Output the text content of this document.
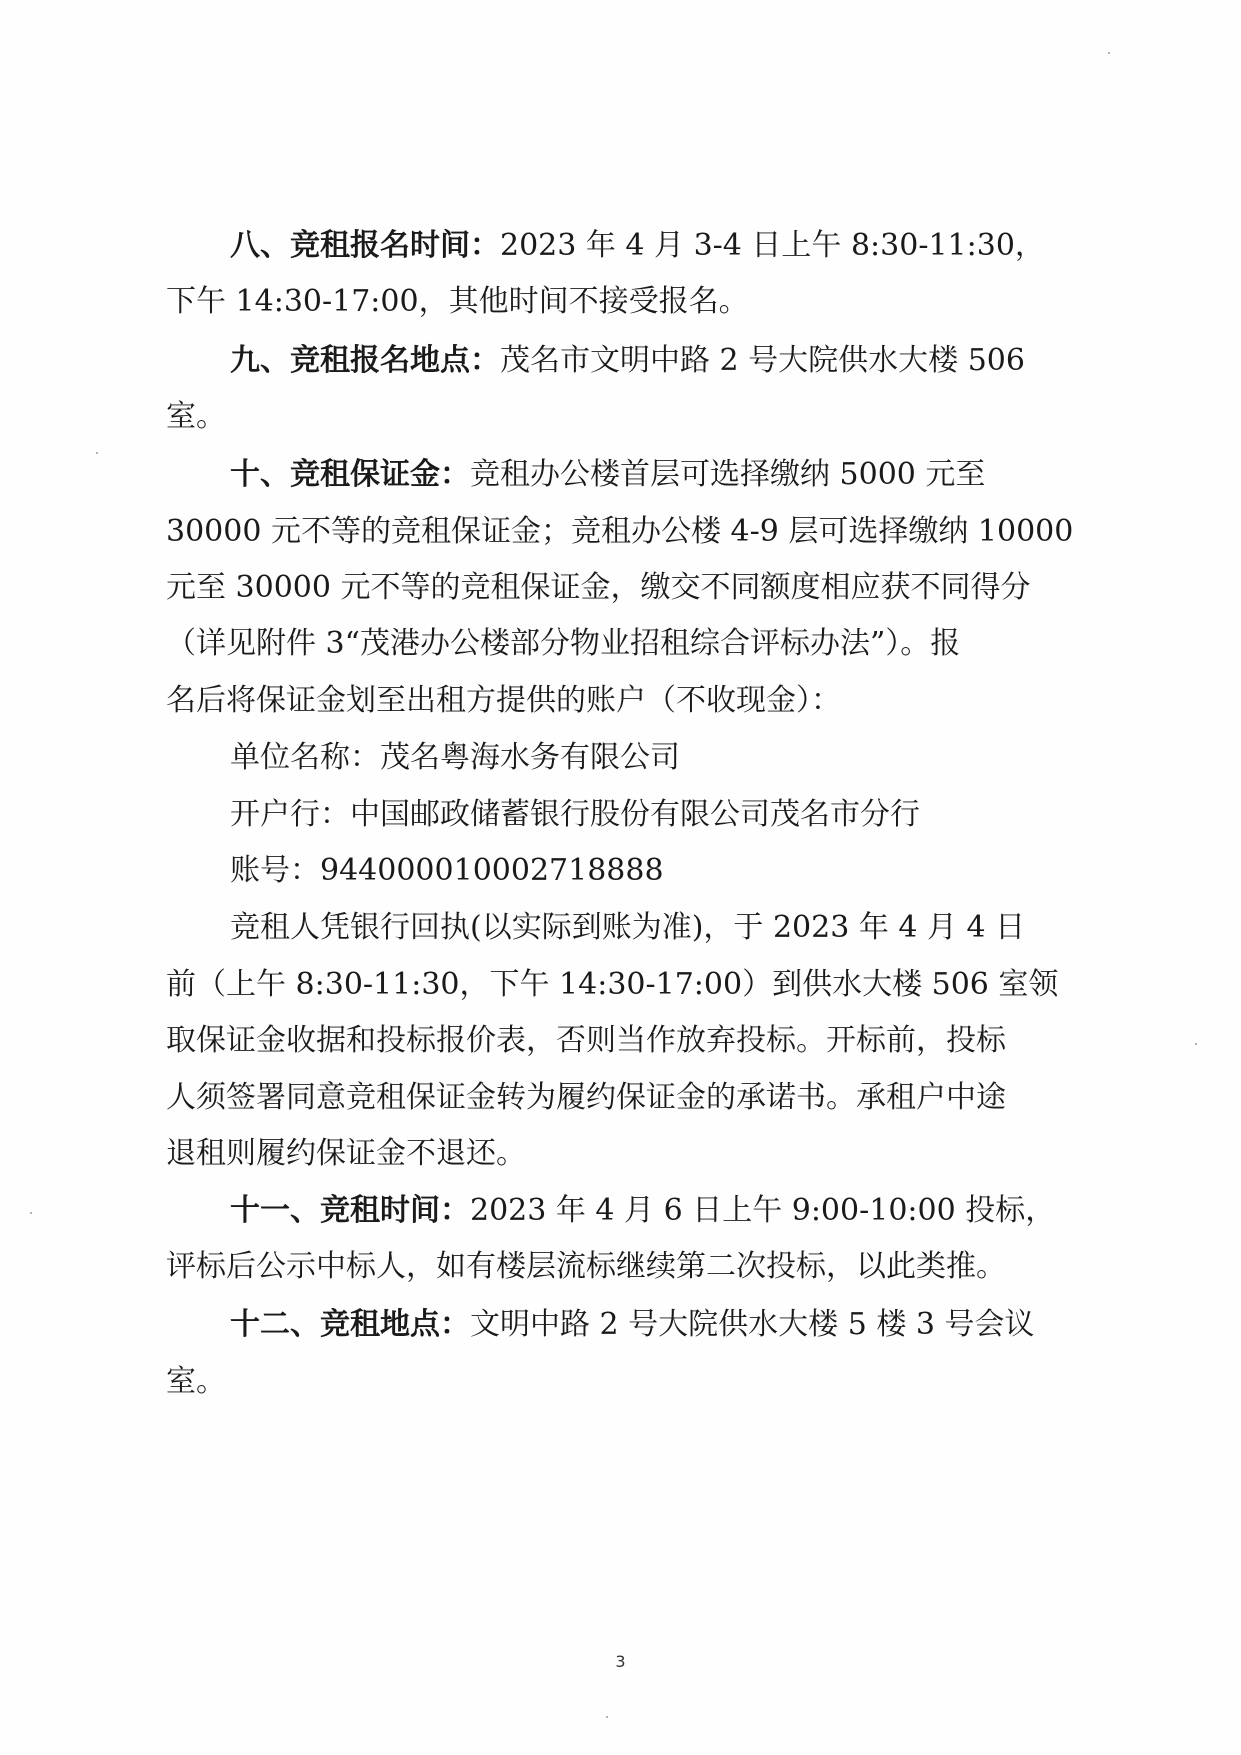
八、竞租报名时间：2023 年 4 月 3-4 日上午 8:30-11:30，
下午 14:30-17:00，其他时间不接受报名。
九、竞租报名地点：茂名市文明中路 2 号大院供水大楼 506
室。
十、竞租保证金：竞租办公楼首层可选择缴纳 5000 元至
30000 元不等的竞租保证金；竞租办公楼 4-9 层可选择缴纳 10000
元至 30000 元不等的竞租保证金，缴交不同额度相应获不同得分
（详见附件 3“茂港办公楼部分物业招租综合评标办法”）。报
名后将保证金划至出租方提供的账户（不收现金）：
单位名称：茂名粤海水务有限公司
开户行：中国邮政储蓄银行股份有限公司茂名市分行
账号：944000010002718888
竞租人凭银行回执(以实际到账为准)，于 2023 年 4 月 4 日
前（上午 8:30-11:30，下午 14:30-17:00）到供水大楼 506 室领
取保证金收据和投标报价表，否则当作放弃投标。开标前，投标
人须签署同意竞租保证金转为履约保证金的承诺书。承租户中途
退租则履约保证金不退还。
十一、竞租时间：2023 年 4 月 6 日上午 9:00-10:00 投标，
评标后公示中标人，如有楼层流标继续第二次投标，以此类推。
十二、竞租地点：文明中路 2 号大院供水大楼 5 楼 3 号会议
室。
3
